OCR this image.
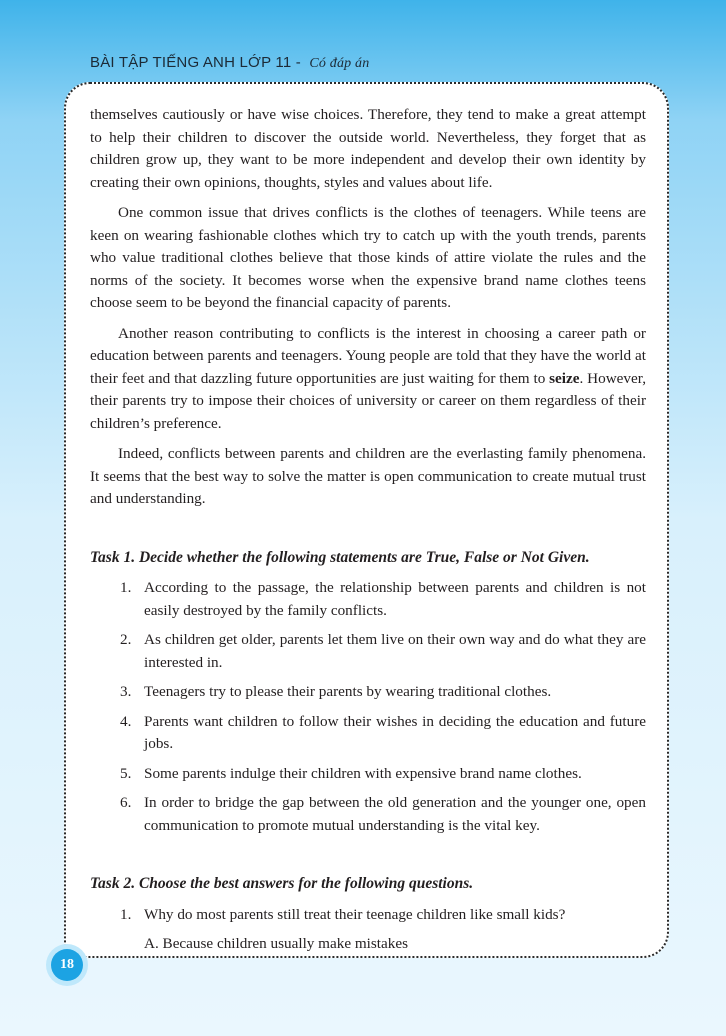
BÀI TẬP TIẾNG ANH LỚP 11 - Có đáp án

themselves cautiously or have wise choices. Therefore, they tend to make a great attempt to help their children to discover the outside world. Nevertheless, they forget that as children grow up, they want to be more independent and develop their own identity by creating their own opinions, thoughts, styles and values about life.

One common issue that drives conflicts is the clothes of teenagers. While teens are keen on wearing fashionable clothes which try to catch up with the youth trends, parents who value traditional clothes believe that those kinds of attire violate the rules and the norms of the society. It becomes worse when the expensive brand name clothes teens choose seem to be beyond the financial capacity of parents.

Another reason contributing to conflicts is the interest in choosing a career path or education between parents and teenagers. Young people are told that they have the world at their feet and that dazzling future opportunities are just waiting for them to seize. However, their parents try to impose their choices of university or career on them regardless of their children’s preference.

Indeed, conflicts between parents and children are the everlasting family phenomena. It seems that the best way to solve the matter is open communication to create mutual trust and understanding.

Task 1. Decide whether the following statements are True, False or Not Given.

1. According to the passage, the relationship between parents and children is not easily destroyed by the family conflicts.
2. As children get older, parents let them live on their own way and do what they are interested in.
3. Teenagers try to please their parents by wearing traditional clothes.
4. Parents want children to follow their wishes in deciding the education and future jobs.
5. Some parents indulge their children with expensive brand name clothes.
6. In order to bridge the gap between the old generation and the younger one, open communication to promote mutual understanding is the vital key.

Task 2. Choose the best answers for the following questions.

1. Why do most parents still treat their teenage children like small kids?
A. Because children usually make mistakes
18
